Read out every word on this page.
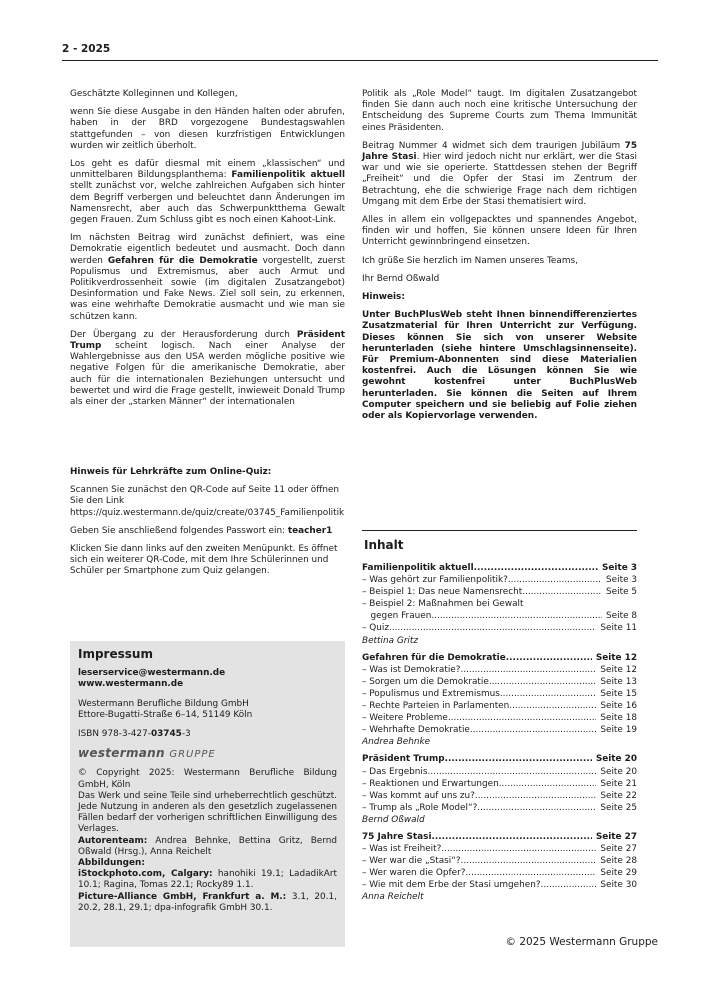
2 - 2025

Geschätzte Kolleginnen und Kollegen,

wenn Sie diese Ausgabe in den Händen halten oder abrufen, haben in der BRD vorgezogene Bundestagswahlen stattgefunden – von diesen kurzfristigen Entwicklungen wurden wir zeitlich überholt.

Los geht es dafür diesmal mit einem „klassischen“ und unmittelbaren Bildungsplanthema: Familienpolitik aktuell stellt zunächst vor, welche zahlreichen Aufgaben sich hinter dem Begriff verbergen und beleuchtet dann Änderungen im Namensrecht, aber auch das Schwerpunktthema Gewalt gegen Frauen. Zum Schluss gibt es noch einen Kahoot-Link.

Im nächsten Beitrag wird zunächst definiert, was eine Demokratie eigentlich bedeutet und ausmacht. Doch dann werden Gefahren für die Demokratie vorgestellt, zuerst Populismus und Extremismus, aber auch Armut und Politikverdrossenheit sowie (im digitalen Zusatzangebot) Desinformation und Fake News. Ziel soll sein, zu erkennen, was eine wehrhafte Demokratie ausmacht und wie man sie schützen kann.

Der Übergang zu der Herausforderung durch Präsident Trump scheint logisch. Nach einer Analyse der Wahlergebnisse aus den USA werden mögliche positive wie negative Folgen für die amerikanische Demokratie, aber auch für die internationalen Beziehungen untersucht und bewertet und wird die Frage gestellt, inwieweit Donald Trump als einer der „starken Männer“ der internationalen

Politik als „Role Model“ taugt. Im digitalen Zusatzangebot finden Sie dann auch noch eine kritische Untersuchung der Entscheidung des Supreme Courts zum Thema Immunität eines Präsidenten.

Beitrag Nummer 4 widmet sich dem traurigen Jubiläum 75 Jahre Stasi. Hier wird jedoch nicht nur erklärt, wer die Stasi war und wie sie operierte. Stattdessen stehen der Begriff „Freiheit“ und die Opfer der Stasi im Zentrum der Betrachtung, ehe die schwierige Frage nach dem richtigen Umgang mit dem Erbe der Stasi thematisiert wird.

Alles in allem ein vollgepacktes und spannendes Angebot, finden wir und hoffen, Sie können unsere Ideen für Ihren Unterricht gewinnbringend einsetzen.

Ich grüße Sie herzlich im Namen unseres Teams,

Ihr Bernd Oßwald

Hinweis:

Unter BuchPlusWeb steht Ihnen binnendifferenziertes Zusatzmaterial für Ihren Unterricht zur Verfügung. Dieses können Sie sich von unserer Website herunterladen (siehe hintere Umschlagsinnenseite). Für Premium-Abonnenten sind diese Materialien kostenfrei. Auch die Lösungen können Sie wie gewohnt kostenfrei unter BuchPlusWeb herunterladen. Sie können die Seiten auf Ihrem Computer speichern und sie beliebig auf Folie ziehen oder als Kopiervorlage verwenden.

Hinweis für Lehrkräfte zum Online-Quiz:

Scannen Sie zunächst den QR-Code auf Seite 11 oder öffnen Sie den Link https://quiz.westermann.de/quiz/create/03745_Familienpolitik

Geben Sie anschließend folgendes Passwort ein: teacher1

Klicken Sie dann links auf den zweiten Menüpunkt. Es öffnet sich ein weiterer QR-Code, mit dem Ihre Schülerinnen und Schüler per Smartphone zum Quiz gelangen.

Impressum

leserservice@westermann.de
www.westermann.de

Westermann Berufliche Bildung GmbH
Ettore-Bugatti-Straße 6–14, 51149 Köln

ISBN 978-3-427-03745-3

westermann GRUPPE

© Copyright 2025: Westermann Berufliche Bildung GmbH, Köln

Das Werk und seine Teile sind urheberrechtlich geschützt. Jede Nutzung in anderen als den gesetzlich zugelassenen Fällen bedarf der vorherigen schriftlichen Einwilligung des Verlages.

Autorenteam: Andrea Behnke, Bettina Gritz, Bernd Oßwald (Hrsg.), Anna Reichelt

Abbildungen:

iStockphoto.com, Calgary: hanohiki 19.1; LadadikArt 10.1; Ragina, Tomas 22.1; Rocky89 1.1.

Picture-Alliance GmbH, Frankfurt a. M.: 3.1, 20.1, 20.2, 28.1, 29.1; dpa-infografik GmbH 30.1.

Inhalt
Familienpolitik aktuell .....	Seite 3
– Was gehört zur Familienpolitik? .....	Seite 3
– Beispiel 1: Das neue Namensrecht .....	Seite 5
– Beispiel 2: Maßnahmen bei Gewalt
gegen Frauen .....	Seite 8
– Quiz .....	Seite 11
Bettina Gritz
Gefahren für die Demokratie .....	Seite 12
– Was ist Demokratie? .....	Seite 12
– Sorgen um die Demokratie .....	Seite 13
– Populismus und Extremismus .....	Seite 15
– Rechte Parteien in Parlamenten .....	Seite 16
– Weitere Probleme .....	Seite 18
– Wehrhafte Demokratie .....	Seite 19
Andrea Behnke
Präsident Trump .....	Seite 20
– Das Ergebnis .....	Seite 20
– Reaktionen und Erwartungen .....	Seite 21
– Was kommt auf uns zu? .....	Seite 22
– Trump als „Role Model“? .....	Seite 25
Bernd Oßwald
75 Jahre Stasi .....	Seite 27
– Was ist Freiheit? .....	Seite 27
– Wer war die „Stasi“? .....	Seite 28
– Wer waren die Opfer? .....	Seite 29
– Wie mit dem Erbe der Stasi umgehen? .....	Seite 30
Anna Reichelt
© 2025 Westermann Gruppe
